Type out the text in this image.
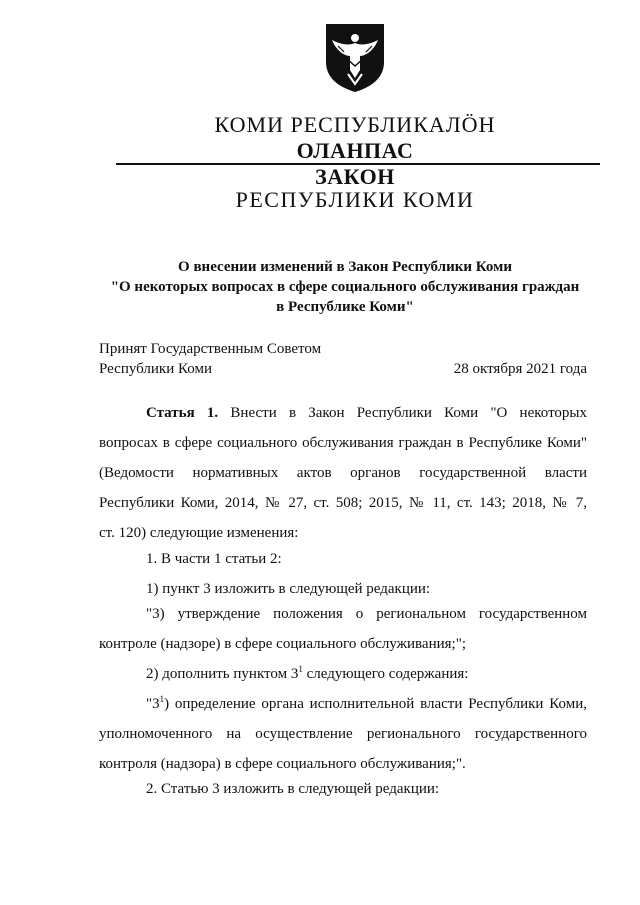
КОМИ РЕСПУБЛИКАЛӦН
ОЛАНПАС
ЗАКОН
РЕСПУБЛИКИ КОМИ
О внесении изменений в Закон Республики Коми
"О некоторых вопросах в сфере социального обслуживания граждан
в Республике Коми"
Принят Государственным Советом
Республики Коми	28 октября 2021 года
Статья 1. Внести в Закон Республики Коми "О некоторых
вопросах в сфере социального обслуживания граждан в Республике Коми"
(Ведомости нормативных актов органов государственной власти
Республики Коми, 2014, № 27, ст. 508; 2015, № 11, ст. 143; 2018, № 7,
ст. 120) следующие изменения:
1. В части 1 статьи 2:
1) пункт 3 изложить в следующей редакции:
"3) утверждение положения о региональном государственном
контроле (надзоре) в сфере социального обслуживания;";
2) дополнить пунктом $3^1$ следующего содержания:
"$3^1$) определение органа исполнительной власти Республики Коми,
уполномоченного на осуществление регионального государственного
контроля (надзора) в сфере социального обслуживания;".
2. Статью 3 изложить в следующей редакции:
